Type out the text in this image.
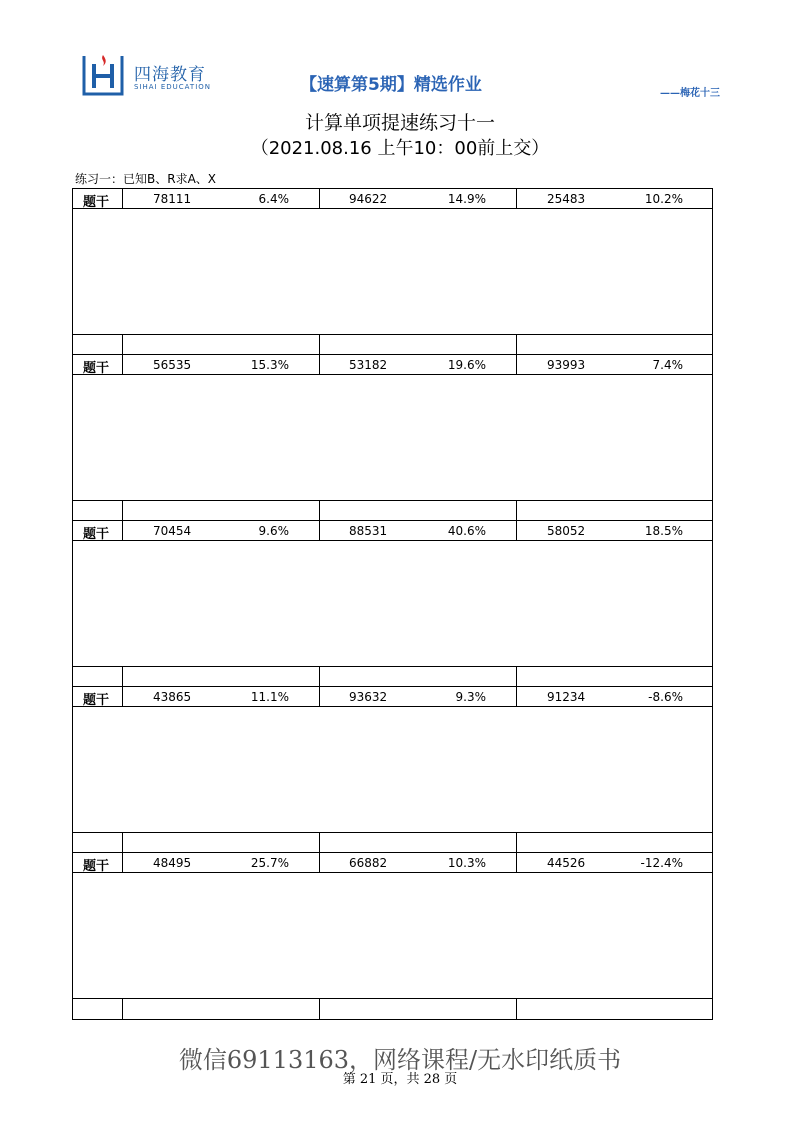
四海教育
SIHAI EDUCATION	【速算第5期】精选作业	——梅花十三
计算单项提速练习十一
（2021.08.16 上午10：00前上交）
练习一：已知B、R求A、X
题干	78111	6.4%	94622	14.9%	25483	10.2%
题干	56535	15.3%	53182	19.6%	93993	7.4%
题干	70454	9.6%	88531	40.6%	58052	18.5%
题干	43865	11.1%	93632	9.3%	91234	-8.6%
题干	48495	25.7%	66882	10.3%	44526	-12.4%
微信69113163，网络课程/无水印纸质书
第 21 页，共 28 页
